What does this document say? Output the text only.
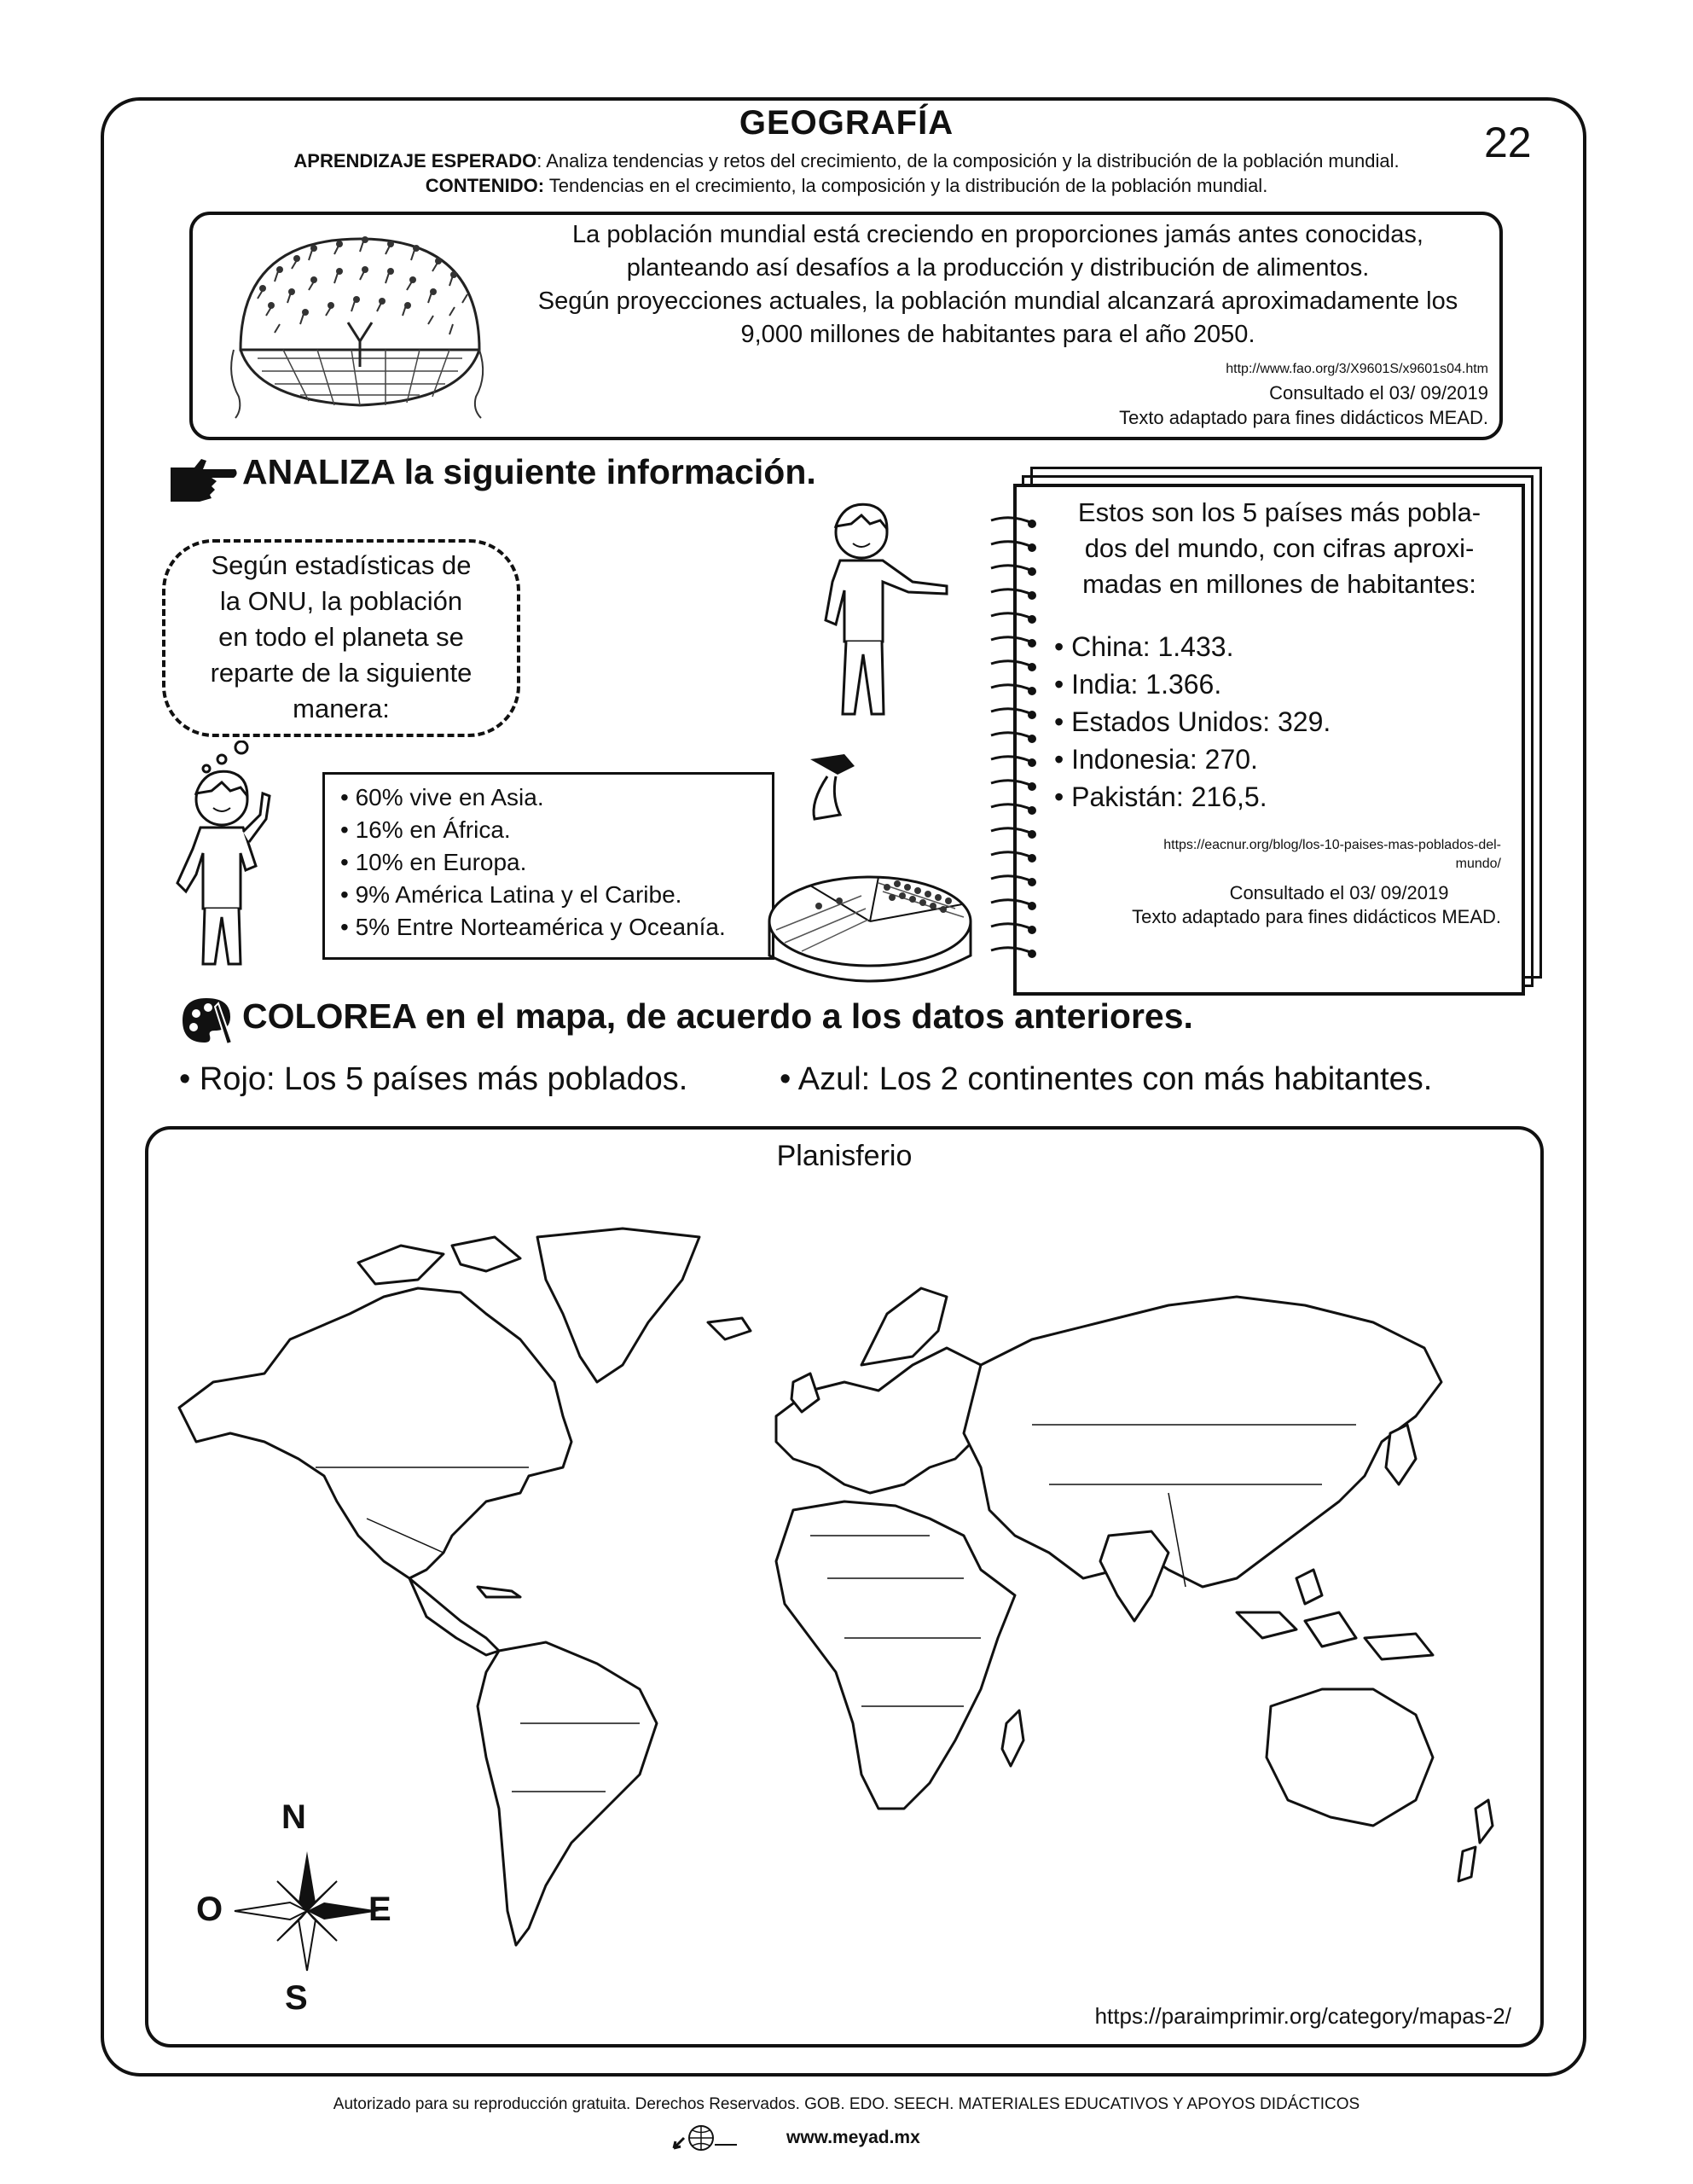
GEOGRAFÍA	22
APRENDIZAJE ESPERADO: Analiza tendencias y retos del crecimiento, de la composición y la distribución de la población mundial.
CONTENIDO: Tendencias en el crecimiento, la composición y la distribución de la población mundial.
La población mundial está creciendo en proporciones jamás antes conocidas,
planteando así desafíos a la producción y distribución de alimentos.
Según proyecciones actuales, la población mundial alcanzará aproximadamente los
9,000 millones de habitantes para el año 2050.
http://www.fao.org/3/X9601S/x9601s04.htm
Consultado el 03/ 09/2019
Texto adaptado para fines didácticos MEAD.
ANALIZA la siguiente información.
Según estadísticas de
la ONU, la población
en todo el planeta se
reparte de la siguiente
manera:
• 60% vive en Asia.
• 16% en África.
• 10% en Europa.
• 9% América Latina y el Caribe.
• 5% Entre Norteamérica y Oceanía.
Estos son los 5 países más pobla-
dos del mundo, con cifras aproxi-
madas en millones de habitantes:
• China: 1.433.
• India: 1.366.
• Estados Unidos: 329.
• Indonesia: 270.
• Pakistán: 216,5.
https://eacnur.org/blog/los-10-paises-mas-poblados-del-
mundo/
Consultado el 03/ 09/2019
Texto adaptado para fines didácticos MEAD.
COLOREA en el mapa, de acuerdo a los datos anteriores.
• Rojo: Los 5 países más poblados.	• Azul: Los 2 continentes con más habitantes.
Planisferio
N
S
O	E
https://paraimprimir.org/category/mapas-2/
Autorizado para su reproducción gratuita. Derechos Reservados. GOB. EDO. SEECH. MATERIALES EDUCATIVOS Y APOYOS DIDÁCTICOS
www.meyad.mx
